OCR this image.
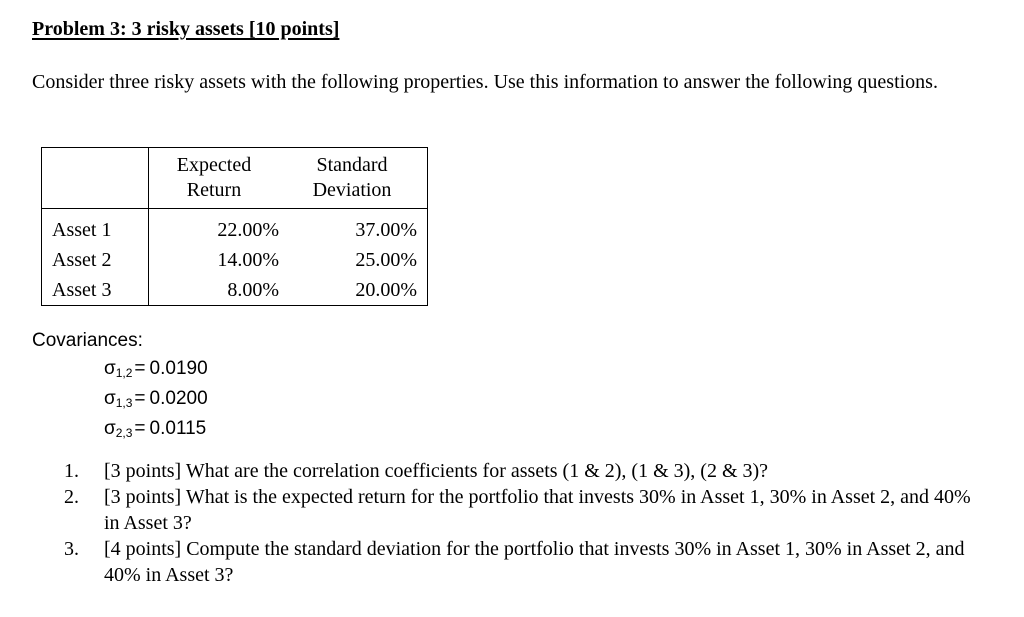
Problem 3: 3 risky assets [10 points]
Consider three risky assets with the following properties. Use this information to answer the following questions.
	Expected Return	Standard Deviation

Asset 1	22.00%	37.00%
Asset 2	14.00%	25.00%
Asset 3	8.00%	20.00%
Covariances:
$\sigma_{1,2} = 0.0190$
$\sigma_{1,3} = 0.0200$
$\sigma_{2,3} = 0.0115$
1. [3 points] What are the correlation coefficients for assets (1 & 2), (1 & 3), (2 & 3)?
2. [3 points] What is the expected return for the portfolio that invests 30% in Asset 1, 30% in Asset 2, and 40% in Asset 3?
3. [4 points] Compute the standard deviation for the portfolio that invests 30% in Asset 1, 30% in Asset 2, and 40% in Asset 3?
